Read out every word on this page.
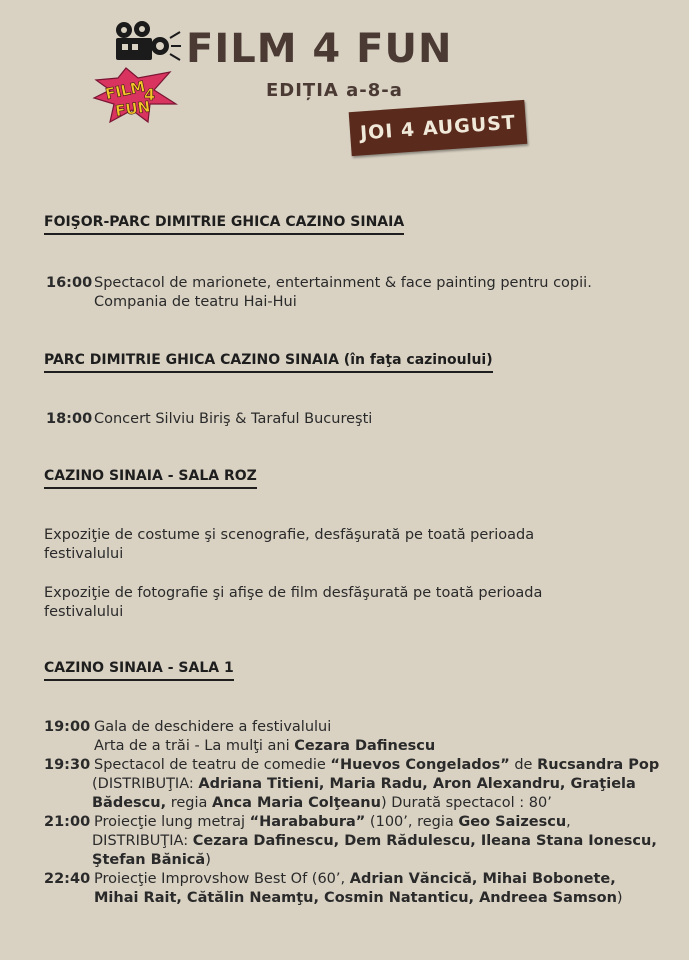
FILM
4
FUN
FILM 4 FUN
EDIȚIA a-8-a
JOI 4 AUGUST
FOIŞOR-PARC DIMITRIE GHICA CAZINO SINAIA
16:00 Spectacol de marionete, entertainment & face painting pentru copii.
Compania de teatru Hai-Hui
PARC DIMITRIE GHICA CAZINO SINAIA (în faţa cazinoului)
18:00 Concert Silviu Biriş & Taraful Bucureşti
CAZINO SINAIA - SALA ROZ
Expoziţie de costume şi scenografie, desfăşurată pe toată perioada festivalului
Expoziţie de fotografie şi afişe de film desfăşurată pe toată perioada festivalului
CAZINO SINAIA - SALA 1
19:00 Gala de deschidere a festivalului
Arta de a trăi - La mulţi ani Cezara Dafinescu
19:30 Spectacol de teatru de comedie “Huevos Congelados” de Rucsandra Pop
(DISTRIBUŢIA: Adriana Titieni, Maria Radu, Aron Alexandru, Graţiela
Bădescu, regia Anca Maria Colţeanu) Durată spectacol : 80’
21:00 Proiecţie lung metraj “Harababura” (100’, regia Geo Saizescu,
DISTRIBUŢIA: Cezara Dafinescu, Dem Rădulescu, Ileana Stana Ionescu,
Ştefan Bănică)
22:40 Proiecţie Improvshow Best Of (60’, Adrian Văncică, Mihai Bobonete,
Mihai Rait, Cătălin Neamţu, Cosmin Natanticu, Andreea Samson)
